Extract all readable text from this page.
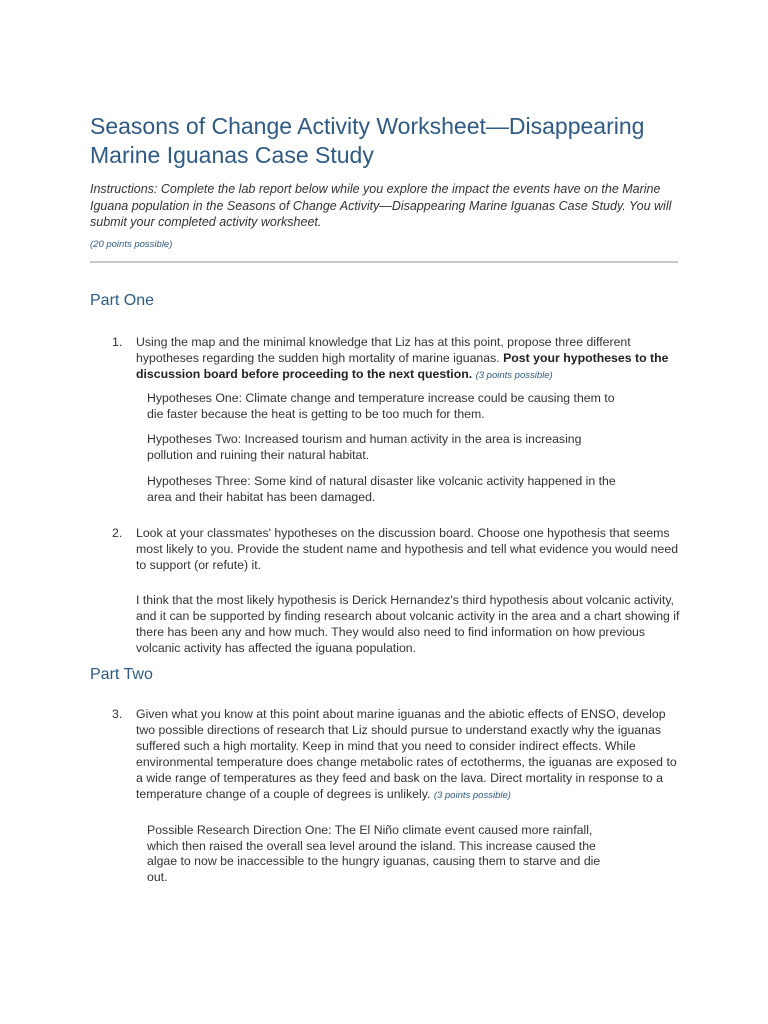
Seasons of Change Activity Worksheet—Disappearing Marine Iguanas Case Study

Instructions: Complete the lab report below while you explore the impact the events have on the Marine Iguana population in the Seasons of Change Activity—Disappearing Marine Iguanas Case Study. You will submit your completed activity worksheet.

(20 points possible)
Part One
1.	Using the map and the minimal knowledge that Liz has at this point, propose three different hypotheses regarding the sudden high mortality of marine iguanas. Post your hypotheses to the discussion board before proceeding to the next question. (3 points possible)
Hypotheses One: Climate change and temperature increase could be causing them to die faster because the heat is getting to be too much for them.
Hypotheses Two: Increased tourism and human activity in the area is increasing pollution and ruining their natural habitat.
Hypotheses Three: Some kind of natural disaster like volcanic activity happened in the area and their habitat has been damaged.
2.	Look at your classmates' hypotheses on the discussion board. Choose one hypothesis that seems most likely to you. Provide the student name and hypothesis and tell what evidence you would need to support (or refute) it.
I think that the most likely hypothesis is Derick Hernandez's third hypothesis about volcanic activity, and it can be supported by finding research about volcanic activity in the area and a chart showing if there has been any and how much. They would also need to find information on how previous volcanic activity has affected the iguana population.
Part Two
3.	Given what you know at this point about marine iguanas and the abiotic effects of ENSO, develop two possible directions of research that Liz should pursue to understand exactly why the iguanas suffered such a high mortality. Keep in mind that you need to consider indirect effects. While environmental temperature does change metabolic rates of ectotherms, the iguanas are exposed to a wide range of temperatures as they feed and bask on the lava. Direct mortality in response to a temperature change of a couple of degrees is unlikely. (3 points possible)
Possible Research Direction One: The El Niño climate event caused more rainfall, which then raised the overall sea level around the island. This increase caused the algae to now be inaccessible to the hungry iguanas, causing them to starve and die out.
